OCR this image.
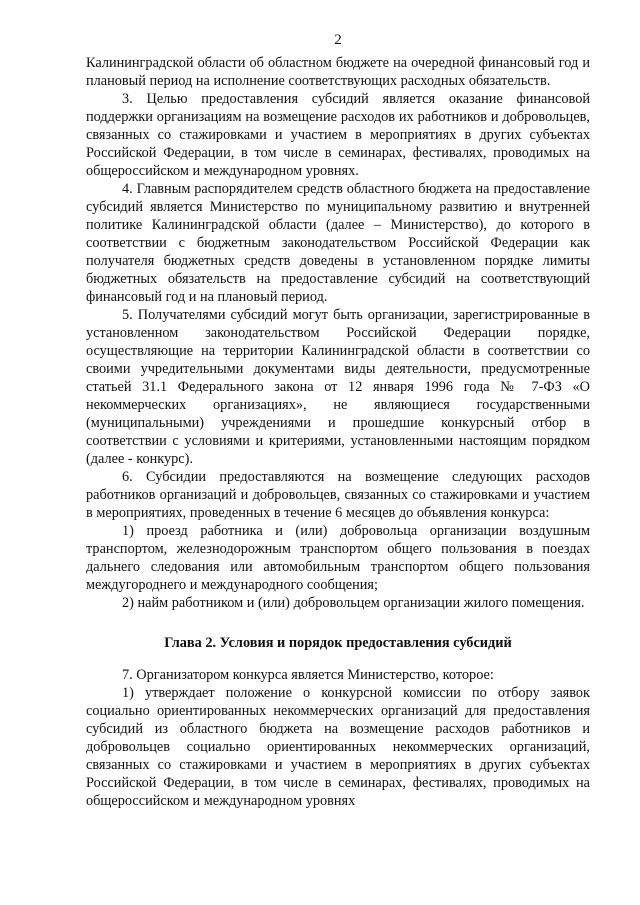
2

Калининградской области об областном бюджете на очередной финансовый год и плановый период на исполнение соответствующих расходных обязательств.

3. Целью предоставления субсидий является оказание финансовой поддержки организациям на возмещение расходов их работников и добровольцев, связанных со стажировками и участием в мероприятиях в других субъектах Российской Федерации, в том числе в семинарах, фестивалях, проводимых на общероссийском и международном уровнях.

4. Главным распорядителем средств областного бюджета на предоставление субсидий является Министерство по муниципальному развитию и внутренней политике Калининградской области (далее – Министерство), до которого в соответствии с бюджетным законодательством Российской Федерации как получателя бюджетных средств доведены в установленном порядке лимиты бюджетных обязательств на предоставление субсидий на соответствующий финансовый год и на плановый период.

5. Получателями субсидий могут быть организации, зарегистрированные в установленном законодательством Российской Федерации порядке, осуществляющие на территории Калининградской области в соответствии со своими учредительными документами виды деятельности, предусмотренные статьей 31.1 Федерального закона от 12 января 1996 года № 7-ФЗ «О некоммерческих организациях», не являющиеся государственными (муниципальными) учреждениями и прошедшие конкурсный отбор в соответствии с условиями и критериями, установленными настоящим порядком (далее - конкурс).

6. Субсидии предоставляются на возмещение следующих расходов работников организаций и добровольцев, связанных со стажировками и участием в мероприятиях, проведенных в течение 6 месяцев до объявления конкурса:

1) проезд работника и (или) добровольца организации воздушным транспортом, железнодорожным транспортом общего пользования в поездах дальнего следования или автомобильным транспортом общего пользования междугороднего и международного сообщения;

2) найм работником и (или) добровольцем организации жилого помещения.

Глава 2. Условия и порядок предоставления субсидий

7. Организатором конкурса является Министерство, которое:

1) утверждает положение о конкурсной комиссии по отбору заявок социально ориентированных некоммерческих организаций для предоставления субсидий из областного бюджета на возмещение расходов работников и добровольцев социально ориентированных некоммерческих организаций, связанных со стажировками и участием в мероприятиях в других субъектах Российской Федерации, в том числе в семинарах, фестивалях, проводимых на общероссийском и международном уровнях
